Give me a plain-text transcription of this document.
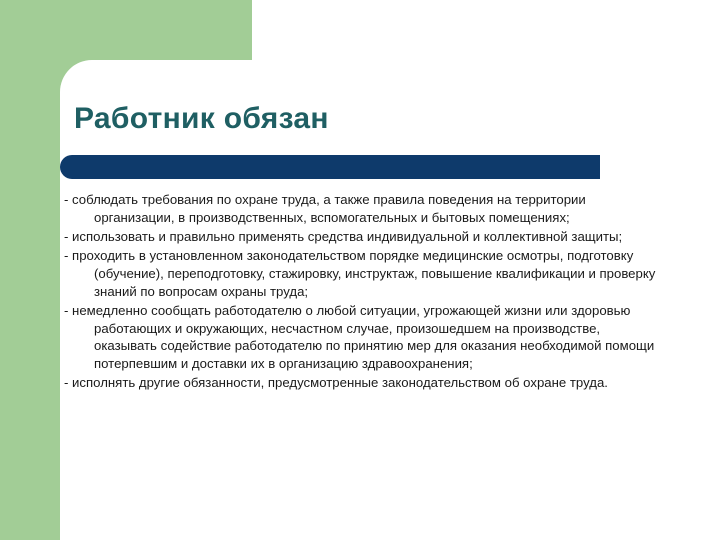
Работник обязан
- соблюдать требования по охране труда, а также правила поведения на территории организации, в производственных, вспомогательных и бытовых помещениях;
- использовать и правильно применять средства индивидуальной и коллективной защиты;
- проходить в установленном законодательством порядке медицинские осмотры, подготовку (обучение), переподготовку, стажировку, инструктаж, повышение квалификации и проверку знаний по вопросам охраны труда;
- немедленно сообщать работодателю о любой ситуации, угрожающей жизни или здоровью работающих и окружающих, несчастном случае, произошедшем на производстве, оказывать содействие работодателю по принятию мер для оказания необходимой помощи потерпевшим и доставки их в организацию здравоохранения;
- исполнять другие обязанности, предусмотренные законодательством об охране труда.
